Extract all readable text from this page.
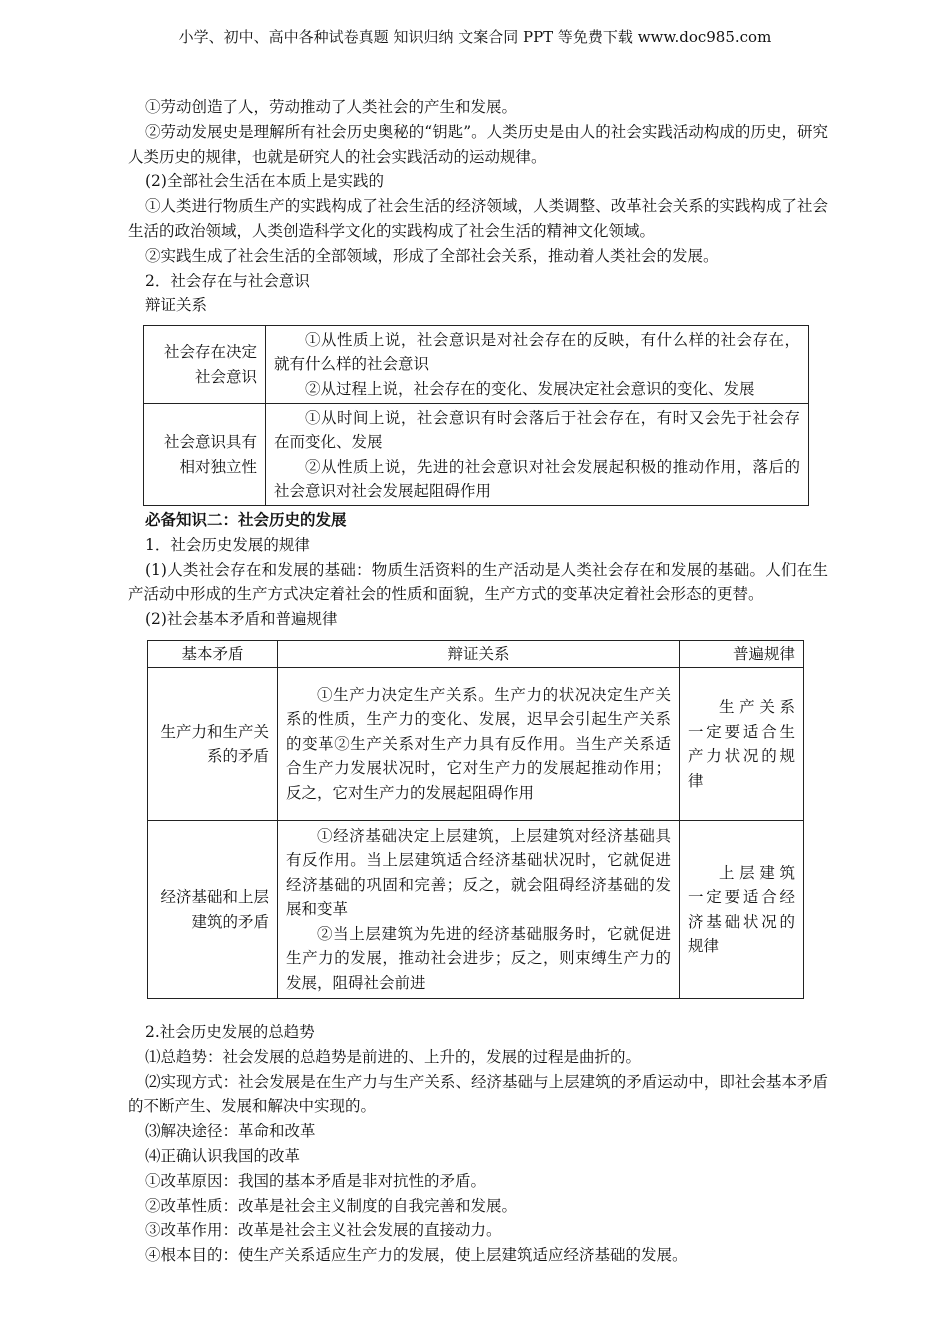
小学、初中、高中各种试卷真题 知识归纳 文案合同 PPT 等免费下载 www.doc985.com

①劳动创造了人，劳动推动了人类社会的产生和发展。

②劳动发展史是理解所有社会历史奥秘的“钥匙”。人类历史是由人的社会实践活动构成的历史，研究人类历史的规律，也就是研究人的社会实践活动的运动规律。

(2)全部社会生活在本质上是实践的

①人类进行物质生产的实践构成了社会生活的经济领域，人类调整、改革社会关系的实践构成了社会生活的政治领域，人类创造科学文化的实践构成了社会生活的精神文化领域。

②实践生成了社会生活的全部领域，形成了全部社会关系，推动着人类社会的发展。

2．社会存在与社会意识

辩证关系

社会存在决定社会意识	①从性质上说，社会意识是对社会存在的反映，有什么样的社会存在，就有什么样的社会意识

②从过程上说，社会存在的变化、发展决定社会意识的变化、发展

社会意识具有相对独立性	①从时间上说，社会意识有时会落后于社会存在，有时又会先于社会存在而变化、发展

②从性质上说，先进的社会意识对社会发展起积极的推动作用，落后的社会意识对社会发展起阻碍作用

必备知识二：社会历史的发展

1．社会历史发展的规律

(1)人类社会存在和发展的基础：物质生活资料的生产活动是人类社会存在和发展的基础。人们在生产活动中形成的生产方式决定着社会的性质和面貌，生产方式的变革决定着社会形态的更替。

(2)社会基本矛盾和普遍规律

基本矛盾	辩证关系	普遍规律
生产力和生产关系的矛盾	①生产力决定生产关系。生产力的状况决定生产关系的性质，生产力的变化、发展，迟早会引起生产关系的变革②生产关系对生产力具有反作用。当生产关系适合生产力发展状况时，它对生产力的发展起推动作用；反之，它对生产力的发展起阻碍作用	生产关系一定要适合生产力状况的规律

经济基础和上层建筑的矛盾	①经济基础决定上层建筑，上层建筑对经济基础具有反作用。当上层建筑适合经济基础状况时，它就促进经济基础的巩固和完善；反之，就会阻碍经济基础的发展和变革

②当上层建筑为先进的经济基础服务时，它就促进生产力的发展，推动社会进步；反之，则束缚生产力的发展，阻碍社会前进	上层建筑一定要适合经济基础状况的规律

2.社会历史发展的总趋势

⑴总趋势：社会发展的总趋势是前进的、上升的，发展的过程是曲折的。

⑵实现方式：社会发展是在生产力与生产关系、经济基础与上层建筑的矛盾运动中，即社会基本矛盾的不断产生、发展和解决中实现的。

⑶解决途径：革命和改革

⑷正确认识我国的改革

①改革原因：我国的基本矛盾是非对抗性的矛盾。

②改革性质：改革是社会主义制度的自我完善和发展。

③改革作用：改革是社会主义社会发展的直接动力。

④根本目的：使生产关系适应生产力的发展，使上层建筑适应经济基础的发展。
